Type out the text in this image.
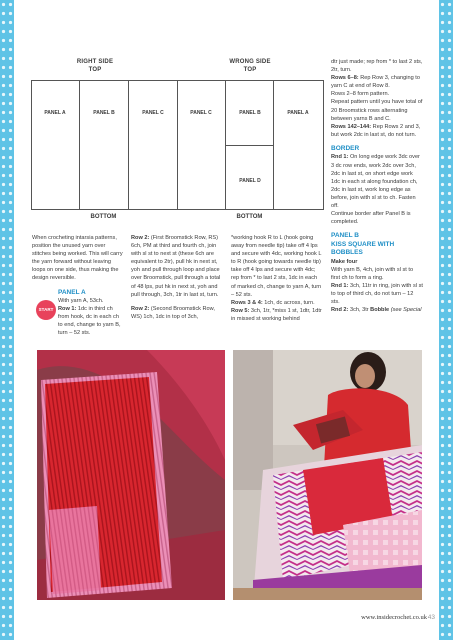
RIGHT SIDE
TOP
PANEL A	PANEL B	PANEL C
BOTTOM
WRONG SIDE
TOP
PANEL C	PANEL B	PANEL A
PANEL D
BOTTOM

When crocheting intarsia patterns, position the unused yarn over stitches being worked. This will carry the yarn forward without leaving loops on one side, thus making the design reversible.

PANEL A

With yarn A, 53ch.

Row 1: 1dc in third ch from hook, dc in each ch to end, change to yarn B, turn – 52 sts.

START

Row 2: (First Broomstick Row, RS) 6ch, PM at third and fourth ch, join with sl st to next st (these 6ch are equivalent to 2tr), pull hk in next st, yoh and pull through loop and place over Broomstick, pull through a total of 48 lps, put hk in next st, yoh and pull through, 3ch, 1tr in last st, turn.

Row 2: (Second Broomstick Row, WS) 1ch, 1dc in top of 3ch,

*working hook R to L (hook going away from needle tip) take off 4 lps and secure with 4dc, working hook L to R (hook going towards needle tip) take off 4 lps and secure with 4dc; rep from * to last 2 sts, 1dc in each of marked ch, change to yarn A, turn – 52 sts.

Rows 3 & 4: 1ch, dc across, turn.

Row 5: 3ch, 1tr, *miss 1 st, 1dtr, 1dtr in missed st working behind

dtr just made; rep from * to last 2 sts, 2tr, turn.

Rows 6–8: Rep Row 3, changing to yarn C at end of Row 8.

Rows 2–8 form pattern.

Repeat pattern until you have total of 20 Broomstick rows alternating between yarns B and C.

Rows 142–144: Rep Rows 2 and 3, but work 2dc in last st, do not turn.

BORDER

Rnd 1: On long edge work 3dc over 3 dc row ends, work 2dc over 3ch, 2dc in last st, on short edge work 1dc in each st along foundation ch, 2dc in last st, work long edge as before, join with sl st to ch. Fasten off.

Continue border after Panel B is completed.

PANEL B

KISS SQUARE WITH BOBBLES

Make four

With yarn B, 4ch, join with sl st to first ch to form a ring.

Rnd 1: 3ch, 11tr in ring, join with sl st to top of third ch, do not turn – 12 sts.

Rnd 2: 3ch, 3tr Bobble (see Special

www.insidecrochet.co.uk 43
